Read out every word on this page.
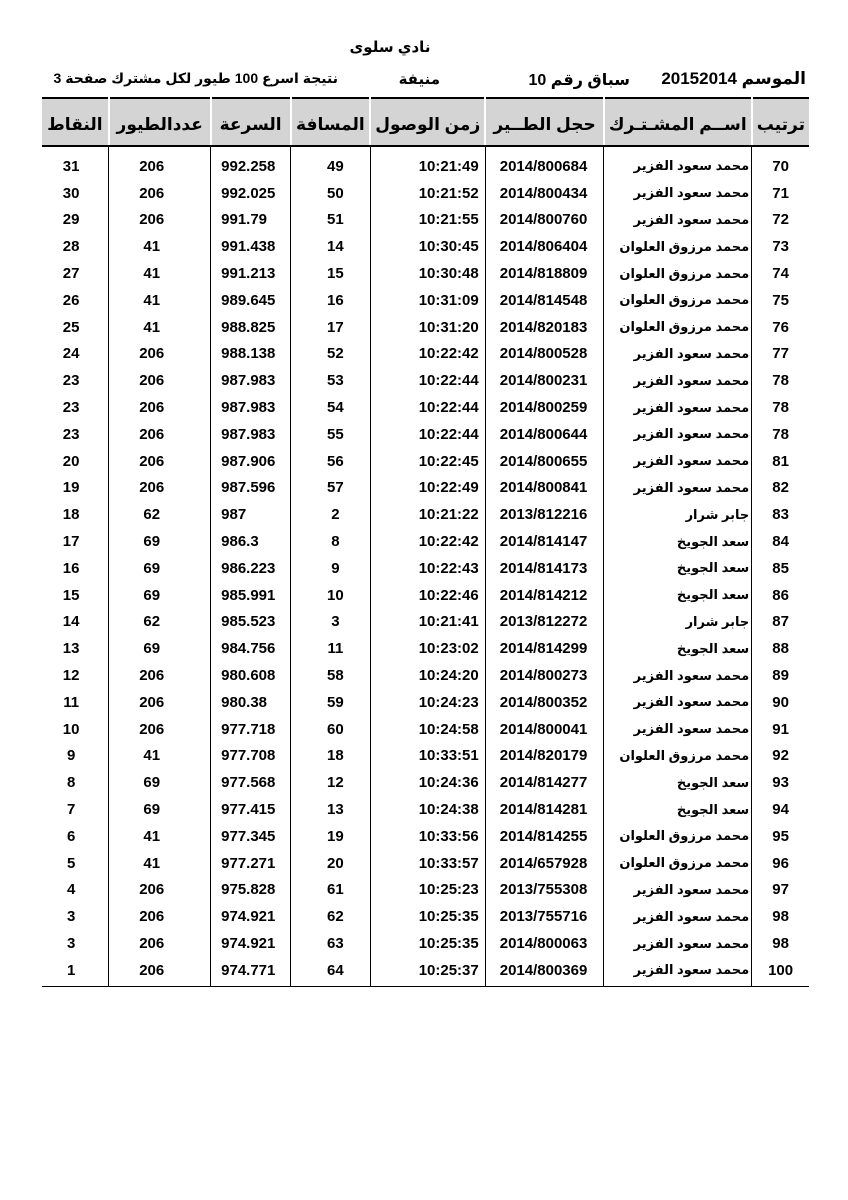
نادي سلوى
الموسم 20152014
سباق رقم 10
منيفة
نتيجة اسرع 100 طيور لكل مشترك صفحة 3
ترتيب	اســم المشـتـرك	حجل الطــير	زمن الوصول	المسافة	السرعة	عددالطيور	النقاط

70	محمد سعود الفزير	2014/800684	10:21:49	49	992.258	206	31
71	محمد سعود الفزير	2014/800434	10:21:52	50	992.025	206	30
72	محمد سعود الفزير	2014/800760	10:21:55	51	991.79	206	29
73	محمد مرزوق العلوان	2014/806404	10:30:45	14	991.438	41	28
74	محمد مرزوق العلوان	2014/818809	10:30:48	15	991.213	41	27
75	محمد مرزوق العلوان	2014/814548	10:31:09	16	989.645	41	26
76	محمد مرزوق العلوان	2014/820183	10:31:20	17	988.825	41	25
77	محمد سعود الفزير	2014/800528	10:22:42	52	988.138	206	24
78	محمد سعود الفزير	2014/800231	10:22:44	53	987.983	206	23
78	محمد سعود الفزير	2014/800259	10:22:44	54	987.983	206	23
78	محمد سعود الفزير	2014/800644	10:22:44	55	987.983	206	23
81	محمد سعود الفزير	2014/800655	10:22:45	56	987.906	206	20
82	محمد سعود الفزير	2014/800841	10:22:49	57	987.596	206	19
83	جابر شرار	2013/812216	10:21:22	2	987	62	18
84	سعد الجويخ	2014/814147	10:22:42	8	986.3	69	17
85	سعد الجويخ	2014/814173	10:22:43	9	986.223	69	16
86	سعد الجويخ	2014/814212	10:22:46	10	985.991	69	15
87	جابر شرار	2013/812272	10:21:41	3	985.523	62	14
88	سعد الجويخ	2014/814299	10:23:02	11	984.756	69	13
89	محمد سعود الفزير	2014/800273	10:24:20	58	980.608	206	12
90	محمد سعود الفزير	2014/800352	10:24:23	59	980.38	206	11
91	محمد سعود الفزير	2014/800041	10:24:58	60	977.718	206	10
92	محمد مرزوق العلوان	2014/820179	10:33:51	18	977.708	41	9
93	سعد الجويخ	2014/814277	10:24:36	12	977.568	69	8
94	سعد الجويخ	2014/814281	10:24:38	13	977.415	69	7
95	محمد مرزوق العلوان	2014/814255	10:33:56	19	977.345	41	6
96	محمد مرزوق العلوان	2014/657928	10:33:57	20	977.271	41	5
97	محمد سعود الفزير	2013/755308	10:25:23	61	975.828	206	4
98	محمد سعود الفزير	2013/755716	10:25:35	62	974.921	206	3
98	محمد سعود الفزير	2014/800063	10:25:35	63	974.921	206	3
100	محمد سعود الفزير	2014/800369	10:25:37	64	974.771	206	1
